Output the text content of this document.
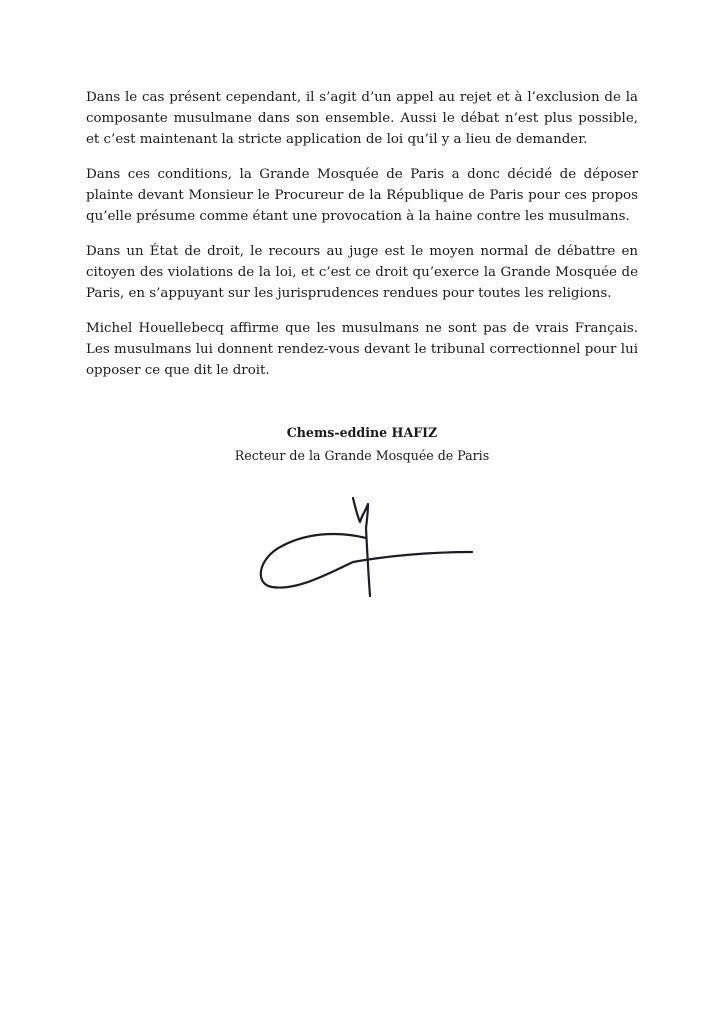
Dans le cas présent cependant, il s’agit d’un appel au rejet et à l’exclusion de la composante musulmane dans son ensemble. Aussi le débat n’est plus possible, et c’est maintenant la stricte application de loi qu’il y a lieu de demander.

Dans ces conditions, la Grande Mosquée de Paris a donc décidé de déposer plainte devant Monsieur le Procureur de la République de Paris pour ces propos qu’elle présume comme étant une provocation à la haine contre les musulmans.

Dans un État de droit, le recours au juge est le moyen normal de débattre en citoyen des violations de la loi, et c’est ce droit qu’exerce la Grande Mosquée de Paris, en s’appuyant sur les jurisprudences rendues pour toutes les religions.

Michel Houellebecq affirme que les musulmans ne sont pas de vrais Français. Les musulmans lui donnent rendez-vous devant le tribunal correctionnel pour lui opposer ce que dit le droit.

Chems-eddine HAFIZ
Recteur de la Grande Mosquée de Paris
